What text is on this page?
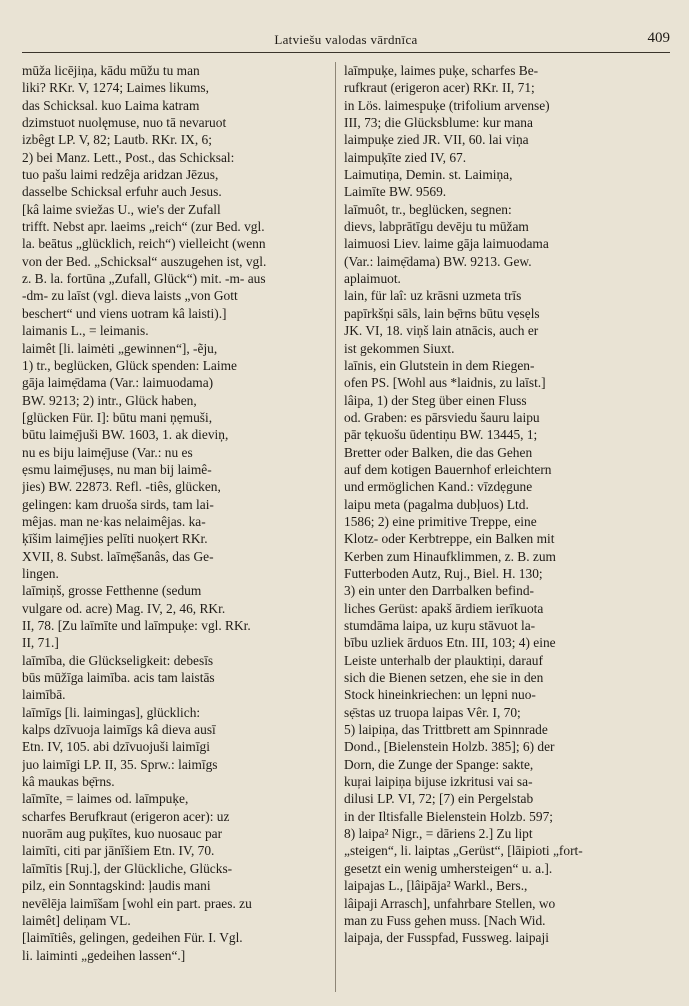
Latviešu valodas vārdnīca	409
mūža licējiņa, kādu mūžu tu man
liki? RKr. V, 1274; Laimes likums,
das Schicksal. kuo Laima katram
dzimstuot nuolęmuse, nuo tā nevaruot
izbêgt LP. V, 82; Lautb. RKr. IX, 6;
2) bei Manz. Lett., Post., das Schicksal:
tuo pašu laimi redzêja aridzan Jēzus,
dasselbe Schicksal erfuhr auch Jesus.
[kâ laime sviežas U., wie's der Zufall
trifft. Nebst apr. laeims „reich“ (zur Bed. vgl.
la. beātus „glücklich, reich“) vielleicht (wenn
von der Bed. „Schicksal“ auszugehen ist, vgl.
z. B. la. fortūna „Zufall, Glück“) mit. -m- aus
-dm- zu laīst (vgl. dieva laists „von Gott
beschert“ und viens uotram kâ laisti).]
laimanis L., = leimanis.
laimêt [li. laimėti „gewinnen“], -ẽju,
1) tr., beglücken, Glück spenden: Laime
gāja laimẹ̄dama (Var.: laimuodama)
BW. 9213; 2) intr., Glück haben,
[glücken Für. I]: būtu mani ņẹmuši,
būtu laimẹ̄juši BW. 1603, 1. ak dieviņ,
nu es biju laimẹ̄juse (Var.: nu es
ẹsmu laimẹ̄jusẹs, nu man bij laimê-
jies) BW. 22873. Refl. -tiês, glücken,
gelingen: kam druoša sirds, tam lai-
mêjas. man ne·kas nelaimêjas. ka-
ķīšim laimẹ̄jies pelīti nuoķert RKr.
XVII, 8. Subst. laīmẹ̄šanâs, das Ge-
lingen.
laīmiņš, grosse Fetthenne (sedum
vulgare od. acre) Mag. IV, 2, 46, RKr.
II, 78. [Zu laīmīte und laīmpuķe: vgl. RKr.
II, 71.]
laīmība, die Glückseligkeit: debesīs
būs mūžīga laimība. acis tam laistās
laimībā.
laīmīgs [li. laimingas], glücklich:
kalps dzīvuoja laimīgs kâ dieva ausī
Etn. IV, 105. abi dzīvuojuši laimīgi
juo laimīgi LP. II, 35. Sprw.: laimīgs
kâ maukas bẹ̄rns.
laīmīte, = laimes od. laīmpuķe,
scharfes Berufkraut (erigeron acer): uz
nuorām aug puķītes, kuo nuosauc par
laimīti, citi par jānīšiem Etn. IV, 70.
laīmītis [Ruj.], der Glückliche, Glücks-
pilz, ein Sonntagskind: ļaudis mani
nevēlēja laimīšam [wohl ein part. praes. zu
laimêt] deliņam VL.
[laimītiês, gelingen, gedeihen Für. I. Vgl.
li. laiminti „gedeihen lassen“.]
laīmpuķe, laimes puķe, scharfes Be-
rufkraut (erigeron acer) RKr. II, 71;
in Lös. laimespuķe (trifolium arvense)
III, 73; die Glücksblume: kur mana
laimpuķe zied JR. VII, 60. lai viņa
laimpuķīte zied IV, 67.
Laimutiņa, Demin. st. Laimiņa,
Laimīte BW. 9569.
laīmuôt, tr., beglücken, segnen:
dievs, labprātīgu devēju tu mūžam
laimuosi Liev. laime gāja laimuodama
(Var.: laimẹ̄dama) BW. 9213. Gew.
aplaimuot.
lain, für laî: uz krāsni uzmeta trīs
papīrkšņi sāls, lain bẹ̄rns būtu vẹsẹls
JK. VI, 18. viņš lain atnācis, auch er
ist gekommen Siuxt.
laīnis, ein Glutstein in dem Riegen-
ofen PS. [Wohl aus *laidnis, zu laīst.]
lâipa, 1) der Steg über einen Fluss
od. Graben: es pārsviedu šauru laipu
pār tẹkuošu ūdentiņu BW. 13445, 1;
Bretter oder Balken, die das Gehen
auf dem kotigen Bauernhof erleichtern
und ermöglichen Kand.: vīzdẹgune
laipu meta (pagalma dubļuos) Ltd.
1586; 2) eine primitive Treppe, eine
Klotz- oder Kerbtreppe, ein Balken mit
Kerben zum Hinaufklimmen, z. B. zum
Futterboden Autz, Ruj., Biel. H. 130;
3) ein unter den Darrbalken befind-
liches Gerüst: apakš ārdiem ierīkuota
stumdāma laipa, uz kuŗu stāvuot la-
bību uzliek ārduos Etn. III, 103; 4) eine
Leiste unterhalb der plauktiņi, darauf
sich die Bienen setzen, ehe sie in den
Stock hineinkriechen: un lẹpni nuo-
sẹ̄stas uz truopa laipas Vêr. I, 70;
5) laipiņa, das Trittbrett am Spinnrade
Dond., [Bielenstein Holzb. 385]; 6) der
Dorn, die Zunge der Spange: sakte,
kuŗai laipiņa bijuse izkritusi vai sa-
dilusi LP. VI, 72; [7) ein Pergelstab
in der Iltisfalle Bielenstein Holzb. 597;
8) laipa² Nigr., = dāriens 2.] Zu lipt
„steigen“, li. laiptas „Gerüst“, [lāipioti „fort-
gesetzt ein wenig umhersteigen“ u. a.].
laipajas L., [lâipāja² Warkl., Bers.,
lâipaji Arrasch], unfahrbare Stellen, wo
man zu Fuss gehen muss. [Nach Wid.
laipaja, der Fusspfad, Fussweg. laipaji
